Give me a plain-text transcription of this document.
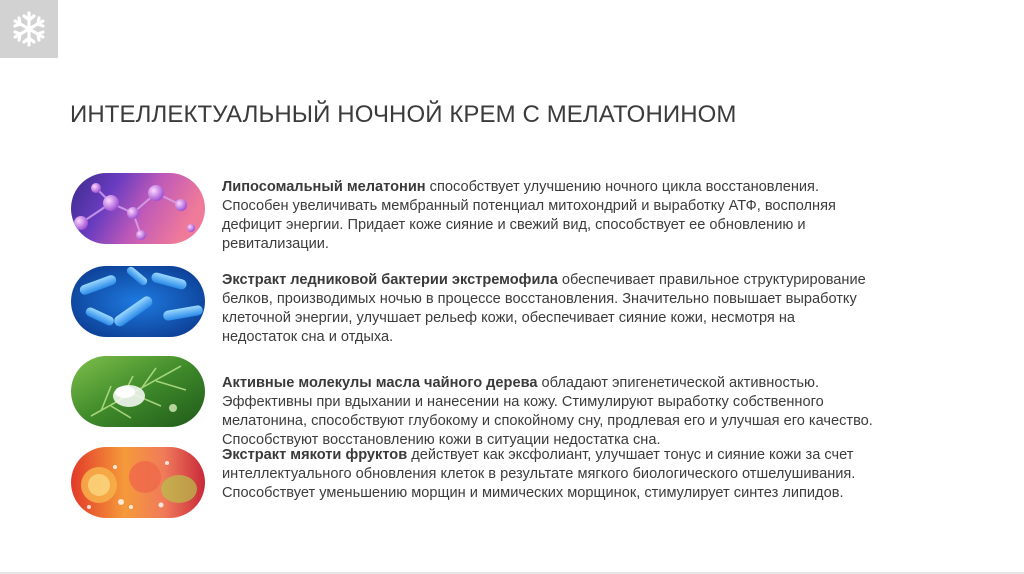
ИНТЕЛЛЕКТУАЛЬНЫЙ НОЧНОЙ КРЕМ С МЕЛАТОНИНОМ
Липосомальный мелатонин способствует улучшению ночного цикла восстановления.
Способен увеличивать мембранный потенциал митохондрий и выработку АТФ, восполняя
дефицит энергии. Придает коже сияние и свежий вид, способствует ее обновлению и
ревитализации.
Экстракт ледниковой бактерии экстремофила обеспечивает правильное структурирование
белков, производимых ночью в процессе восстановления. Значительно повышает выработку
клеточной энергии, улучшает рельеф кожи, обеспечивает сияние кожи, несмотря на
недостаток сна и отдыха.
Активные молекулы масла чайного дерева обладают эпигенетической активностью.
Эффективны при вдыхании и нанесении на кожу. Стимулируют выработку собственного
мелатонина, способствуют глубокому и спокойному сну, продлевая его и улучшая его качество.
Способствуют восстановлению кожи в ситуации недостатка сна.
Экстракт мякоти фруктов действует как эксфолиант, улучшает тонус и сияние кожи за счет
интеллектуального обновления клеток в результате мягкого биологического отшелушивания.
Способствует уменьшению морщин и мимических морщинок, стимулирует синтез липидов.
